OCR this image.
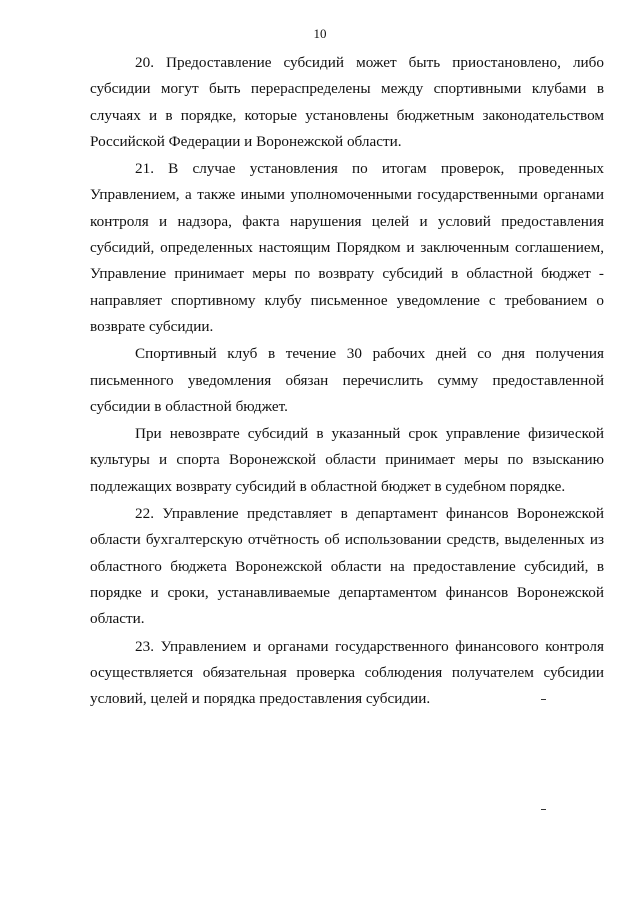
10

20. Предоставление субсидий может быть приостановлено, либо субсидии могут быть перераспределены между спортивными клубами в случаях и в порядке, которые установлены бюджетным законодательством Российской Федерации и Воронежской области.

21. В случае установления по итогам проверок, проведенных Управлением, а также иными уполномоченными государственными органами контроля и надзора, факта нарушения целей и условий предоставления субсидий, определенных настоящим Порядком и заключенным соглашением, Управление принимает меры по возврату субсидий в областной бюджет - направляет спортивному клубу письменное уведомление с требованием о возврате субсидии.

Спортивный клуб в течение 30 рабочих дней со дня получения письменного уведомления обязан перечислить сумму предоставленной субсидии в областной бюджет.

При невозврате субсидий в указанный срок управление физической культуры и спорта Воронежской области принимает меры по взысканию подлежащих возврату субсидий в областной бюджет в судебном порядке.

22. Управление представляет в департамент финансов Воронежской области бухгалтерскую отчётность об использовании средств, выделенных из областного бюджета Воронежской области на предоставление субсидий, в порядке и сроки, устанавливаемые департаментом финансов Воронежской области.

23. Управлением и органами государственного финансового контроля осуществляется обязательная проверка соблюдения получателем субсидии условий, целей и порядка предоставления субсидии.
